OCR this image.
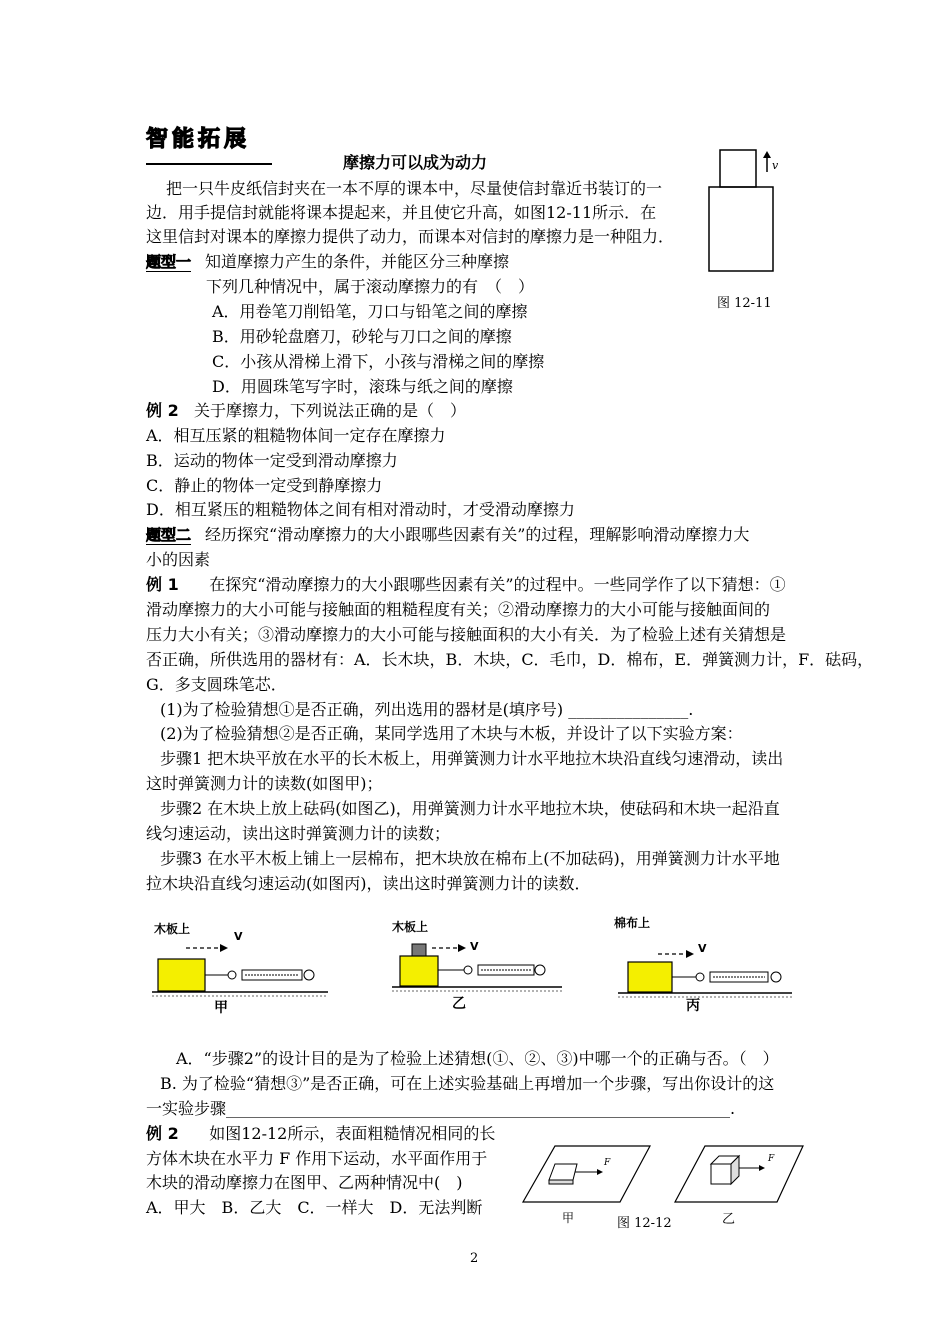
智能拓展
摩擦力可以成为动力
把一只牛皮纸信封夹在一本不厚的课本中，尽量使信封靠近书装订的一
边．用手提信封就能将课本提起来，并且使它升高，如图12-11所示．在
这里信封对课本的摩擦力提供了动力，而课本对信封的摩擦力是一种阻力．
v
图 12-11
题型一 知道摩擦力产生的条件，并能区分三种摩擦
下列几种情况中，属于滚动摩擦力的有　（　）
A．用卷笔刀削铅笔，刀口与铅笔之间的摩擦
B．用砂轮盘磨刀，砂轮与刀口之间的摩擦
C．小孩从滑梯上滑下，小孩与滑梯之间的摩擦
D．用圆珠笔写字时，滚珠与纸之间的摩擦
例 2 关于摩擦力，下列说法正确的是（　）
A．相互压紧的粗糙物体间一定存在摩擦力
B．运动的物体一定受到滑动摩擦力
C．静止的物体一定受到静摩擦力
D．相互紧压的粗糙物体之间有相对滑动时，才受滑动摩擦力
题型二 经历探究“滑动摩擦力的大小跟哪些因素有关”的过程，理解影响滑动摩擦力大
小的因素
例 1 在探究“滑动摩擦力的大小跟哪些因素有关”的过程中。一些同学作了以下猜想：①
滑动摩擦力的大小可能与接触面的粗糙程度有关；②滑动摩擦力的大小可能与接触面间的
压力大小有关；③滑动摩擦力的大小可能与接触面积的大小有关．为了检验上述有关猜想是
否正确，所供选用的器材有：A．长木块，B．木块，C．毛巾，D．棉布，E．弹簧测力计，F．砝码，
G．多支圆珠笔芯．
(1)为了检验猜想①是否正确，列出选用的器材是(填序号) _______________.
(2)为了检验猜想②是否正确，某同学选用了木块与木板，并设计了以下实验方案：
步骤1 把木块平放在水平的长木板上，用弹簧测力计水平地拉木块沿直线匀速滑动，读出
这时弹簧测力计的读数(如图甲)；
步骤2 在木块上放上砝码(如图乙)，用弹簧测力计水平地拉木块，使砝码和木块一起沿直
线匀速运动，读出这时弹簧测力计的读数；
步骤3 在水平木板上铺上一层棉布，把木块放在棉布上(不加砝码)，用弹簧测力计水平地
拉木块沿直线匀速运动(如图丙)，读出这时弹簧测力计的读数．
木板上
甲
V
木板上
乙
V
棉布上
丙
V
A．“步骤2”的设计目的是为了检验上述猜想(①、②、③)中哪一个的正确与否。（　）
B. 为了检验“猜想③”是否正确，可在上述实验基础上再增加一个步骤，写出你设计的这
一实验步骤_______________________________________________________________.
例 2 如图12-12所示，表面粗糙情况相同的长
方体木块在水平力 F 作用下运动，水平面作用于
木块的滑动摩擦力在图甲、乙两种情况中(　)
A．甲大　B．乙大　C．一样大　D．无法判断
F	F
甲	图 12-12	乙
2
